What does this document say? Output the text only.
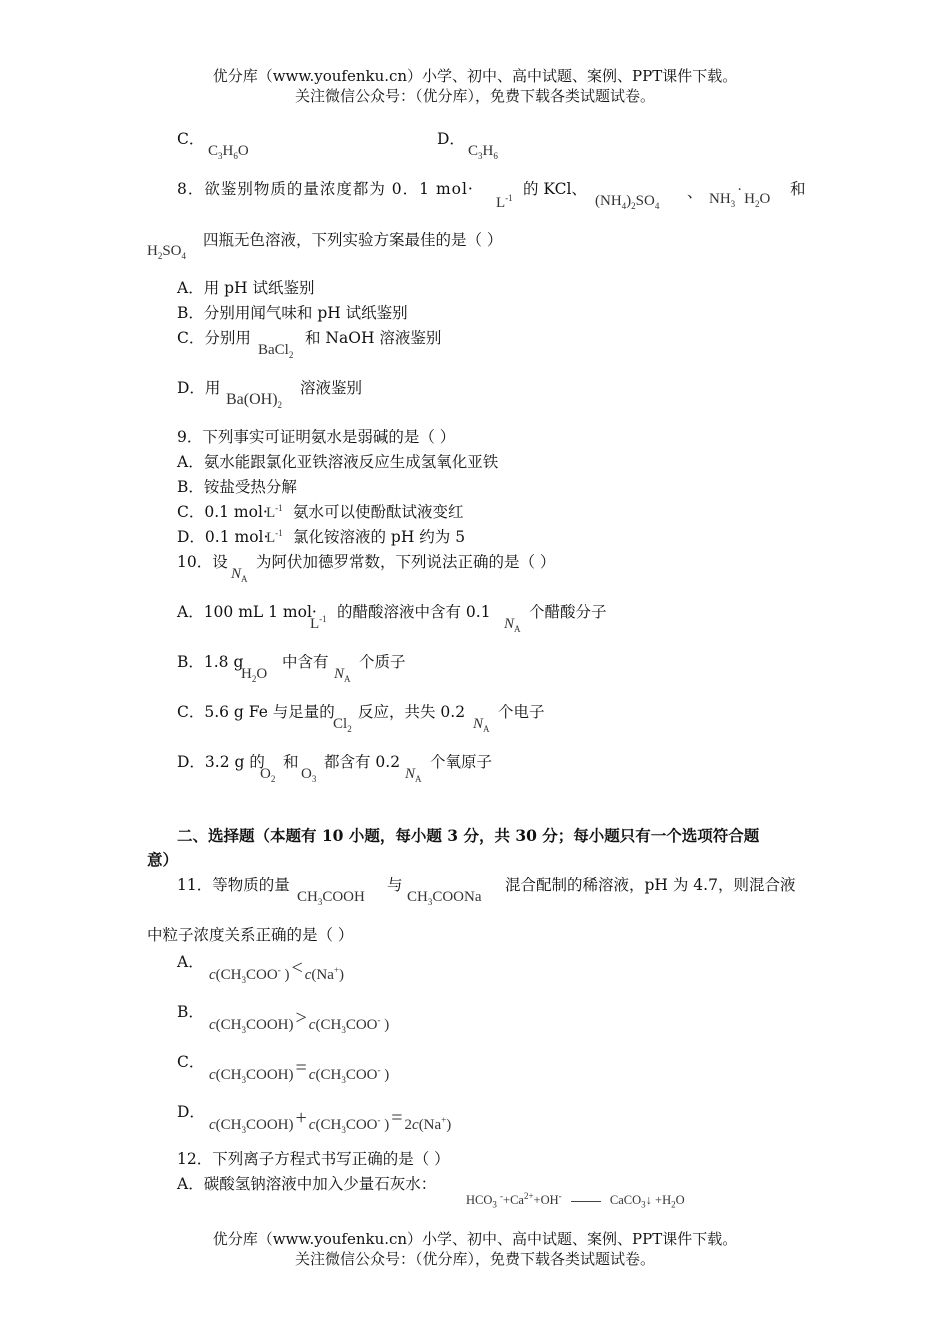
优分库（www.youfenku.cn）小学、初中、高中试题、案例、PPT课件下载。
关注微信公众号：（优分库），免费下载各类试题试卷。
C．
$C_3H_6O$
D．
$C_3H_6$
8．欲鉴别物质的量浓度都为 0．1 mol·
$L^{-1}$ 的 KCl、
$(NH_4)_2SO_4$
、 $NH_3\cdot H_2O$
和
$H_2SO_4$
四瓶无色溶液，下列实验方案最佳的是（ ）
A．用 pH 试纸鉴别
B．分别用闻气味和 pH 试纸鉴别
C．分别用
BaCl$_2$
和 NaOH 溶液鉴别
D．用
$Ba(OH)_2$
溶液鉴别
9．下列事实可证明氨水是弱碱的是（ ）
A．氨水能跟氯化亚铁溶液反应生成氢氧化亚铁
B．铵盐受热分解
C．0.1 mol·
$L^{-1}$ 氨水可以使酚酞试液变红
D．0.1 mol·
$L^{-1}$ 氯化铵溶液的 pH 约为 5
10．设
$N_A$
为阿伏加德罗常数，下列说法正确的是（ ）
A．100 mL 1 mol·
$L^{-1}$ 的醋酸溶液中含有 0.1
$N_A$
个醋酸分子
B．1.8 g
$H_2O$
中含有
$N_A$
个质子
C．5.6 g Fe 与足量的
$Cl_2$
反应，共失 0.2
$N_A$
个电子
D．3.2 g 的
$O_2$
和
$O_3$
都含有 0.2
$N_A$
个氧原子
二、选择题（本题有 10 小题，每小题 3 分，共 30 分；每小题只有一个选项符合题
意）
11．等物质的量
$CH_3COOH$
与
$CH_3COONa$
混合配制的稀溶液，pH 为 4.7，则混合液
中粒子浓度关系正确的是（ ）
A．
$c(CH_3COO^-$ ) < c(Na+)
B．
$c(CH_3COOH) > c(CH_3COO^-$ )
C．
$c(CH_3COOH) = c(CH_3COO^-$ )
D．
$c(CH_3COOH) + c(CH_3COO^-$ ) = 2c(Na+)
12．下列离子方程式书写正确的是（ ）
A．碳酸氢钠溶液中加入少量石灰水：
$HCO_3$ $^-+Ca^{2+}+OH^-$	CaCO$_3$↓ $+H_2O$
优分库（www.youfenku.cn）小学、初中、高中试题、案例、PPT课件下载。
关注微信公众号：（优分库），免费下载各类试题试卷。
